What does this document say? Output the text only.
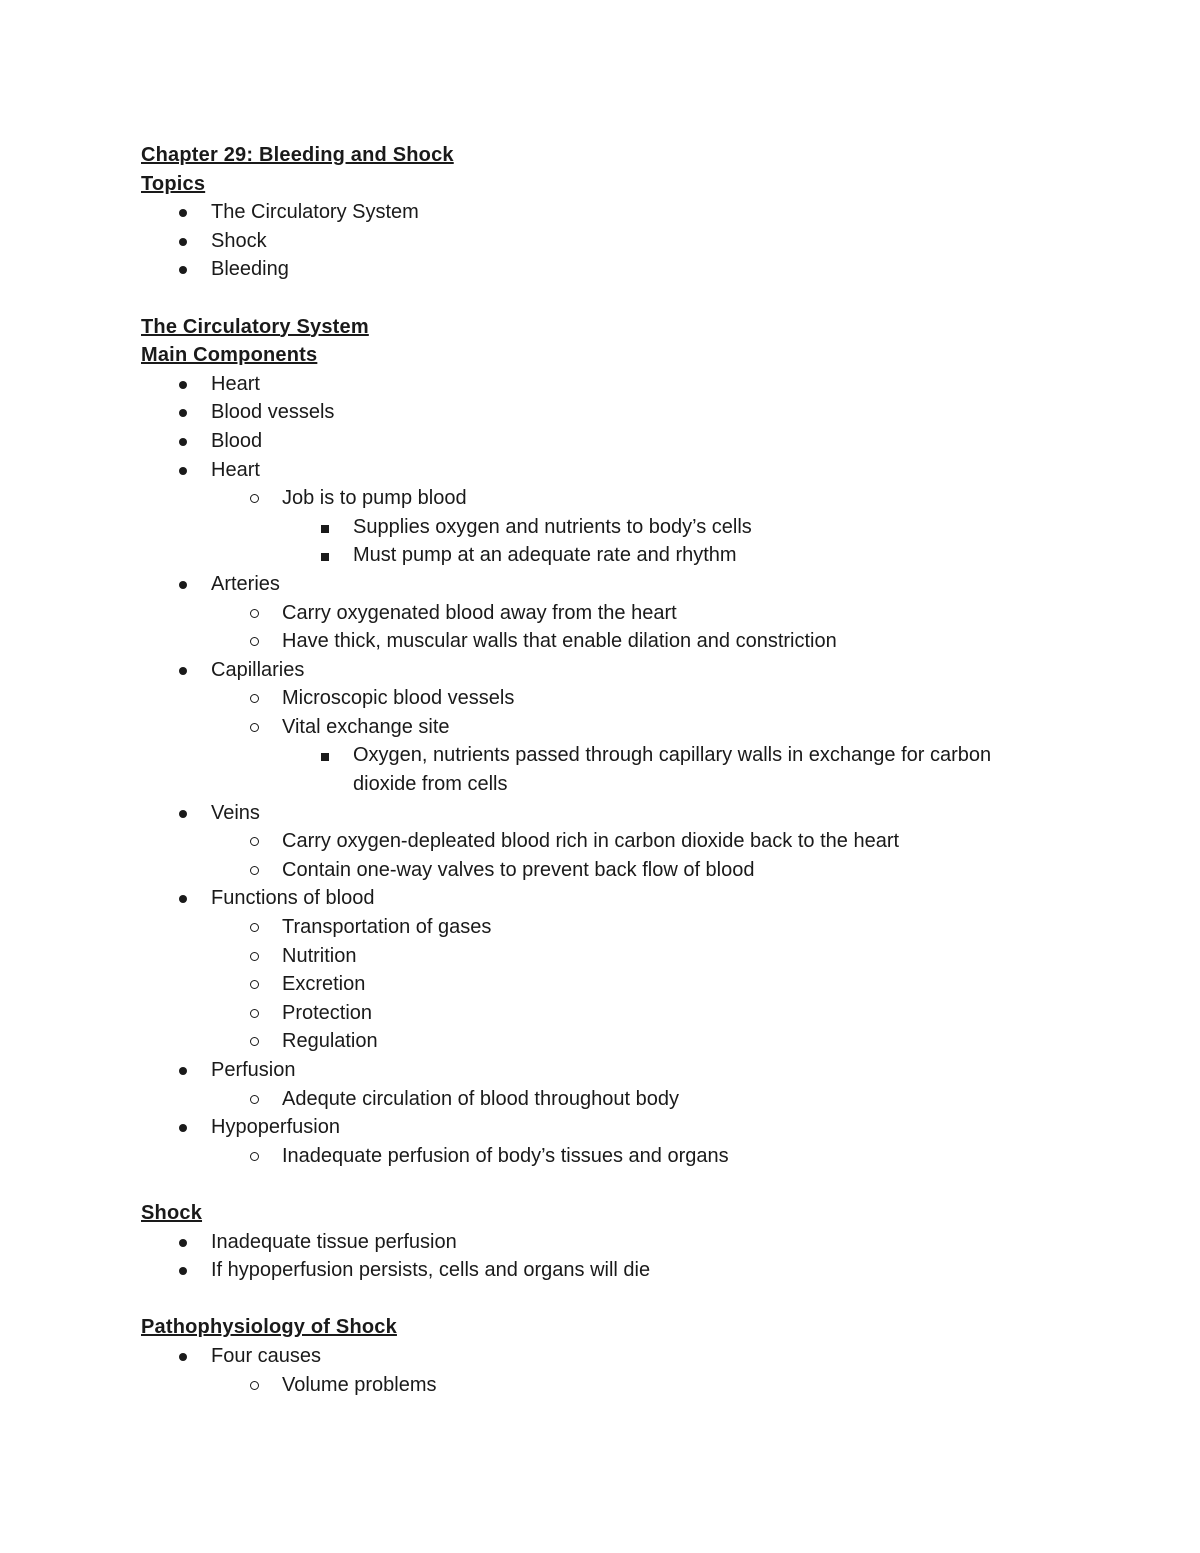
Chapter 29: Bleeding and Shock
Topics
The Circulatory System
Shock
Bleeding
The Circulatory System
Main Components
Heart
Blood vessels
Blood
Heart
Job is to pump blood
Supplies oxygen and nutrients to body’s cells
Must pump at an adequate rate and rhythm
Arteries
Carry oxygenated blood away from the heart
Have thick, muscular walls that enable dilation and constriction
Capillaries
Microscopic blood vessels
Vital exchange site
Oxygen, nutrients passed through capillary walls in exchange for carbon dioxide from cells
Veins
Carry oxygen-depleated blood rich in carbon dioxide back to the heart
Contain one-way valves to prevent back flow of blood
Functions of blood
Transportation of gases
Nutrition
Excretion
Protection
Regulation
Perfusion
Adequte circulation of blood throughout body
Hypoperfusion
Inadequate perfusion of body’s tissues and organs
Shock
Inadequate tissue perfusion
If hypoperfusion persists, cells and organs will die
Pathophysiology of Shock
Four causes
Volume problems
